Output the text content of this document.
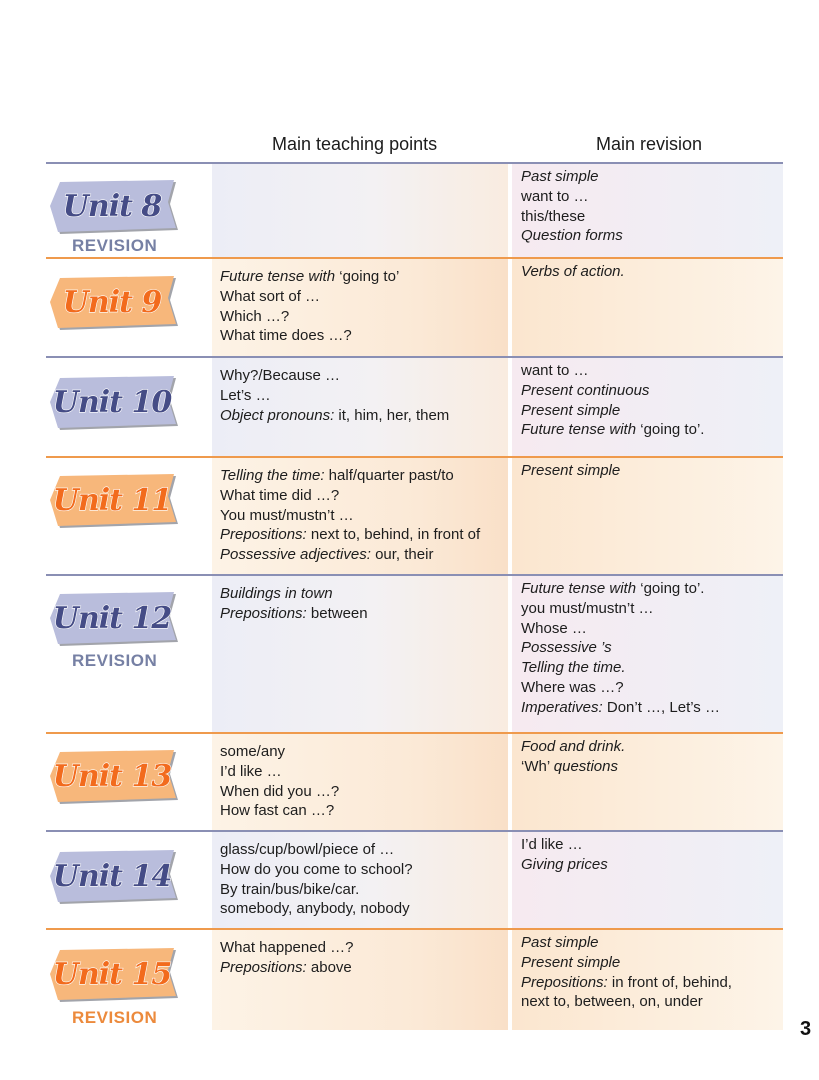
Main teaching points	Main revision
Past simple
want to …
this/these
Question forms
Unit 8
REVISION
Future tense with ‘going to’
What sort of …
Which …?
What time does …?
Verbs of action.
Unit 9
Why?/Because …
Let’s …
Object pronouns: it, him, her, them
want to …
Present continuous
Present simple
Future tense with ‘going to’.
Unit 10
Telling the time: half/quarter past/to
What time did …?
You must/mustn’t …
Prepositions: next to, behind, in front of
Possessive adjectives: our, their
Present simple
Unit 11
Buildings in town
Prepositions: between
Future tense with ‘going to’.
you must/mustn’t …
Whose …
Possessive ’s
Telling the time.
Where was …?
Imperatives: Don’t …, Let’s …
Unit 12
REVISION
some/any
I’d like …
When did you …?
How fast can …?
Food and drink.
‘Wh’ questions
Unit 13
glass/cup/bowl/piece of …
How do you come to school?
By train/bus/bike/car.
somebody, anybody, nobody
I’d like …
Giving prices
Unit 14
What happened …?
Prepositions: above
Past simple
Present simple
Prepositions: in front of, behind,
next to, between, on, under
Unit 15
REVISION
3
